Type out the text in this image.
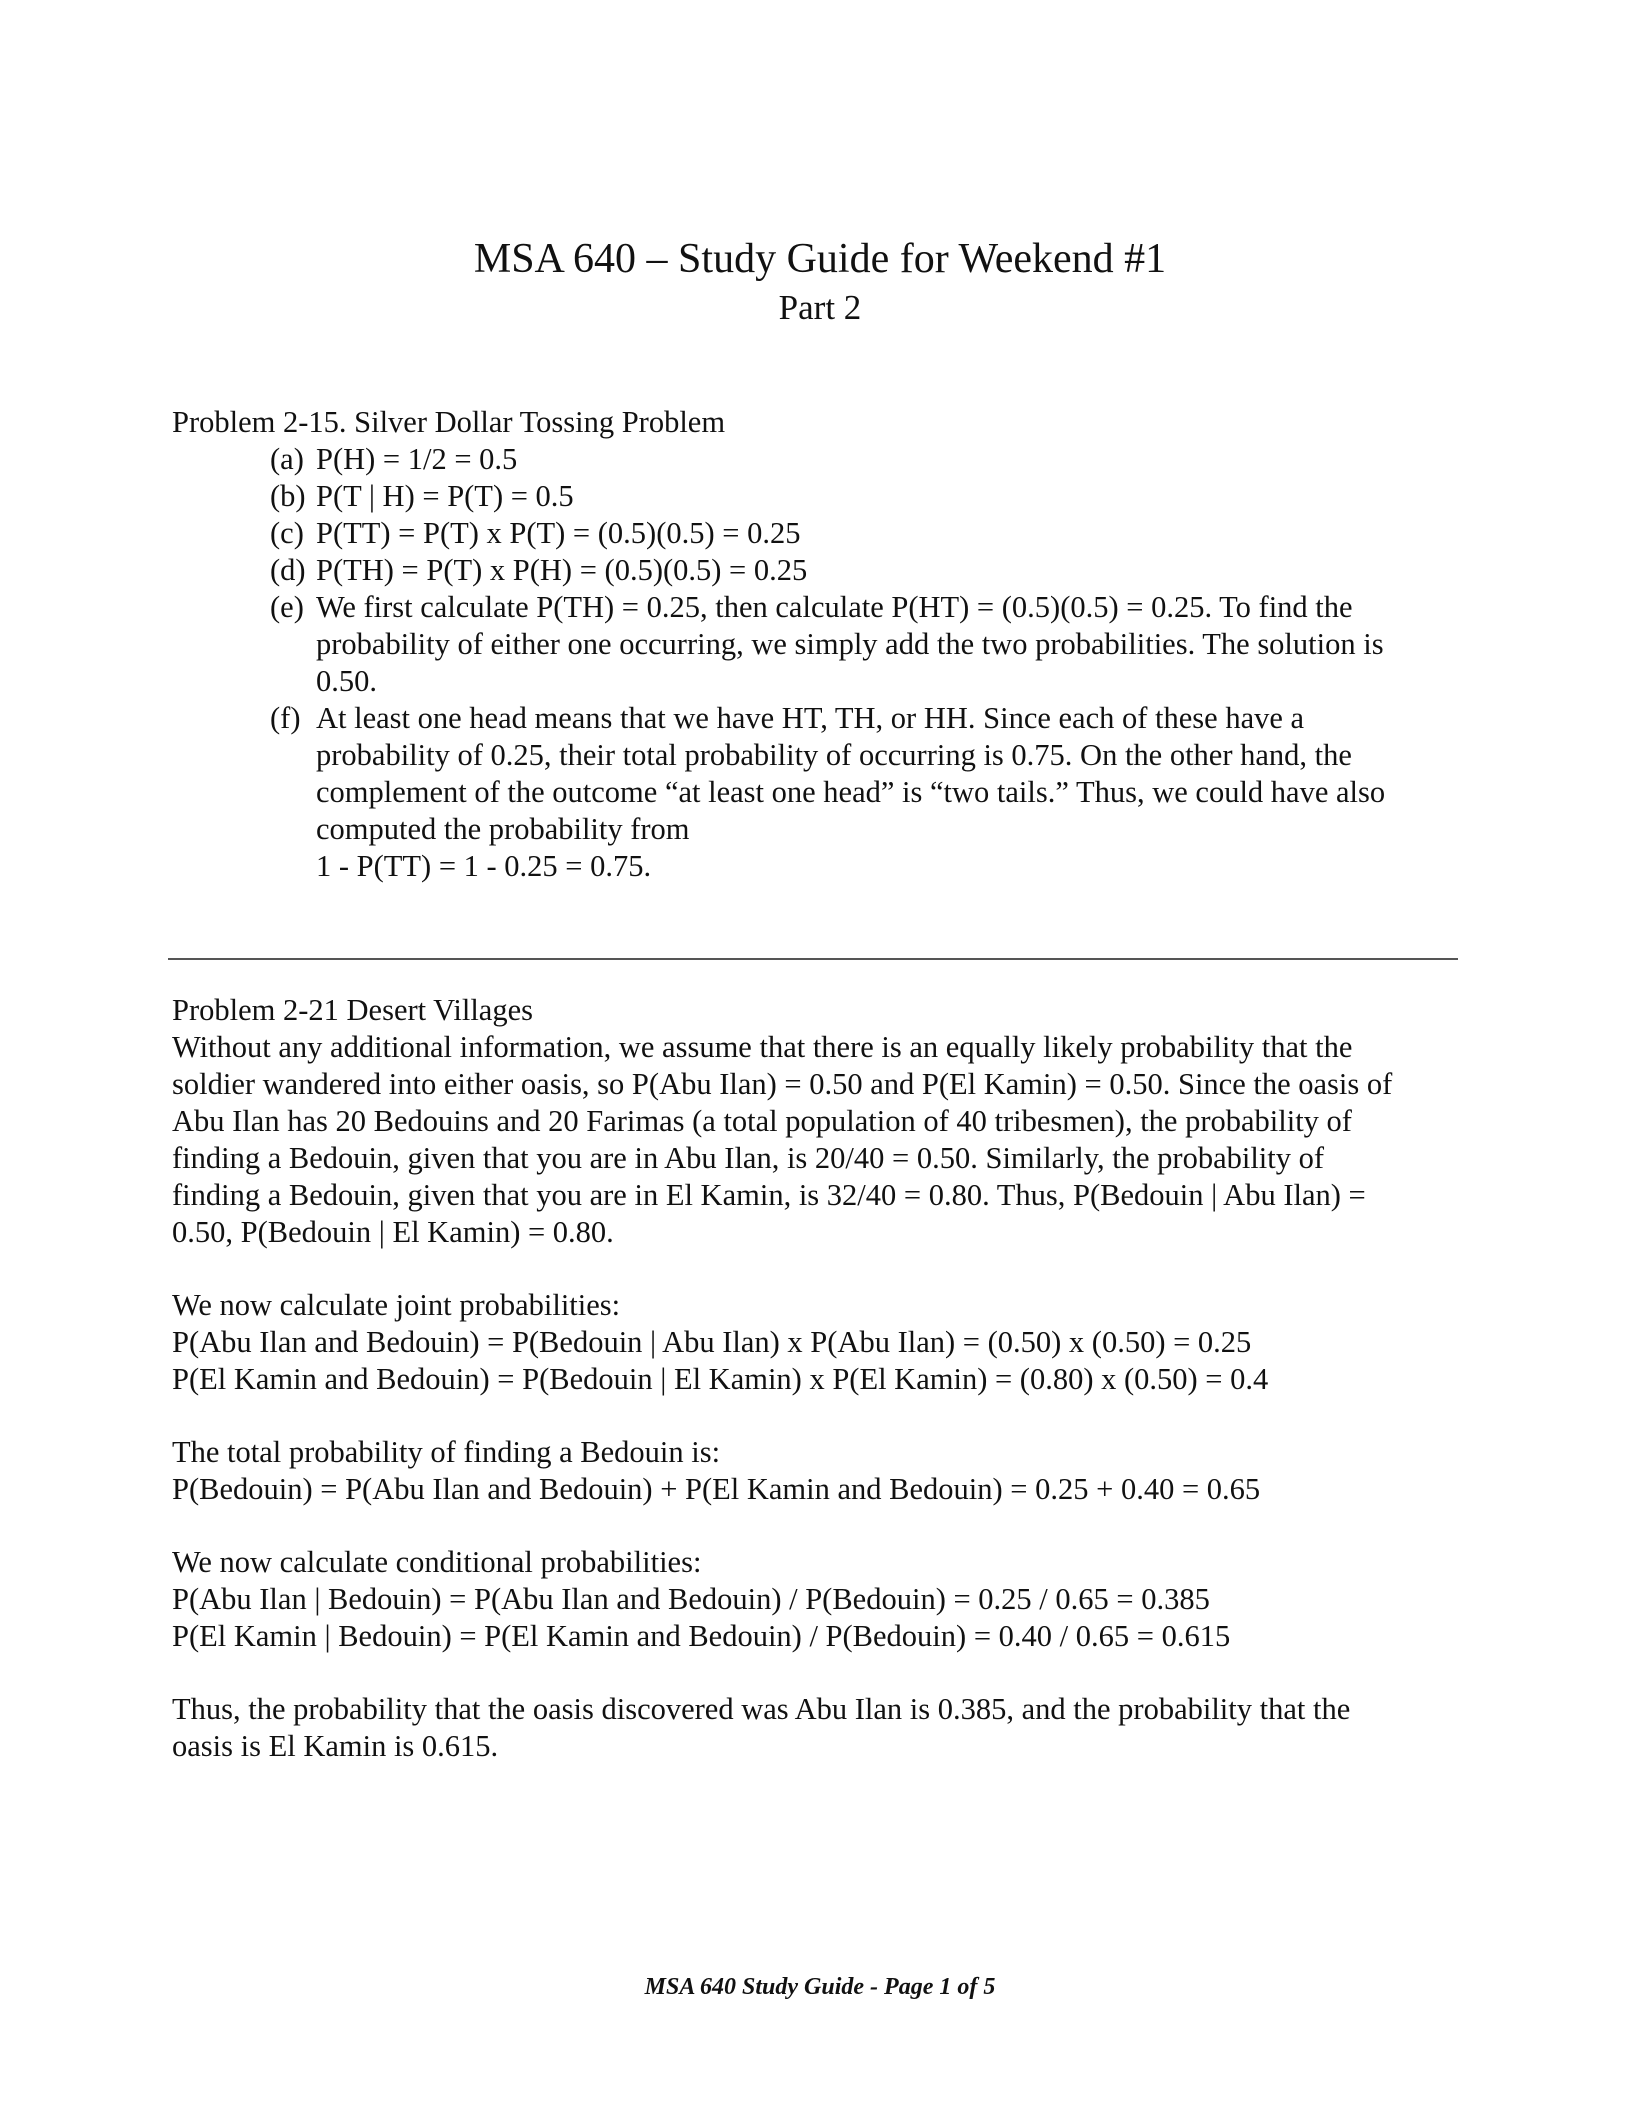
MSA 640 – Study Guide for Weekend #1
Part 2

Problem 2-15. Silver Dollar Tossing Problem

(a) P(H) = 1/2 = 0.5
(b) P(T | H) = P(T) = 0.5
(c) P(TT) = P(T) x P(T) = (0.5)(0.5) = 0.25
(d) P(TH) = P(T) x P(H) = (0.5)(0.5) = 0.25
(e) We first calculate P(TH) = 0.25, then calculate P(HT) = (0.5)(0.5) = 0.25. To find the
probability of either one occurring, we simply add the two probabilities. The solution is
0.50.
(f) At least one head means that we have HT, TH, or HH. Since each of these have a
probability of 0.25, their total probability of occurring is 0.75. On the other hand, the
complement of the outcome “at least one head” is “two tails.” Thus, we could have also
computed the probability from
1 - P(TT) = 1 - 0.25 = 0.75.

Problem 2-21 Desert Villages

Without any additional information, we assume that there is an equally likely probability that the
soldier wandered into either oasis, so P(Abu Ilan) = 0.50 and P(El Kamin) = 0.50. Since the oasis of
Abu Ilan has 20 Bedouins and 20 Farimas (a total population of 40 tribesmen), the probability of
finding a Bedouin, given that you are in Abu Ilan, is 20/40 = 0.50. Similarly, the probability of
finding a Bedouin, given that you are in El Kamin, is 32/40 = 0.80. Thus, P(Bedouin | Abu Ilan) =
0.50, P(Bedouin | El Kamin) = 0.80.

We now calculate joint probabilities:
P(Abu Ilan and Bedouin) = P(Bedouin | Abu Ilan) x P(Abu Ilan) = (0.50) x (0.50) = 0.25
P(El Kamin and Bedouin) = P(Bedouin | El Kamin) x P(El Kamin) = (0.80) x (0.50) = 0.4

The total probability of finding a Bedouin is:
P(Bedouin) = P(Abu Ilan and Bedouin) + P(El Kamin and Bedouin) = 0.25 + 0.40 = 0.65

We now calculate conditional probabilities:
P(Abu Ilan | Bedouin) = P(Abu Ilan and Bedouin) / P(Bedouin) = 0.25 / 0.65 = 0.385
P(El Kamin | Bedouin) = P(El Kamin and Bedouin) / P(Bedouin) = 0.40 / 0.65 = 0.615

Thus, the probability that the oasis discovered was Abu Ilan is 0.385, and the probability that the
oasis is El Kamin is 0.615.

MSA 640 Study Guide - Page 1 of 5
